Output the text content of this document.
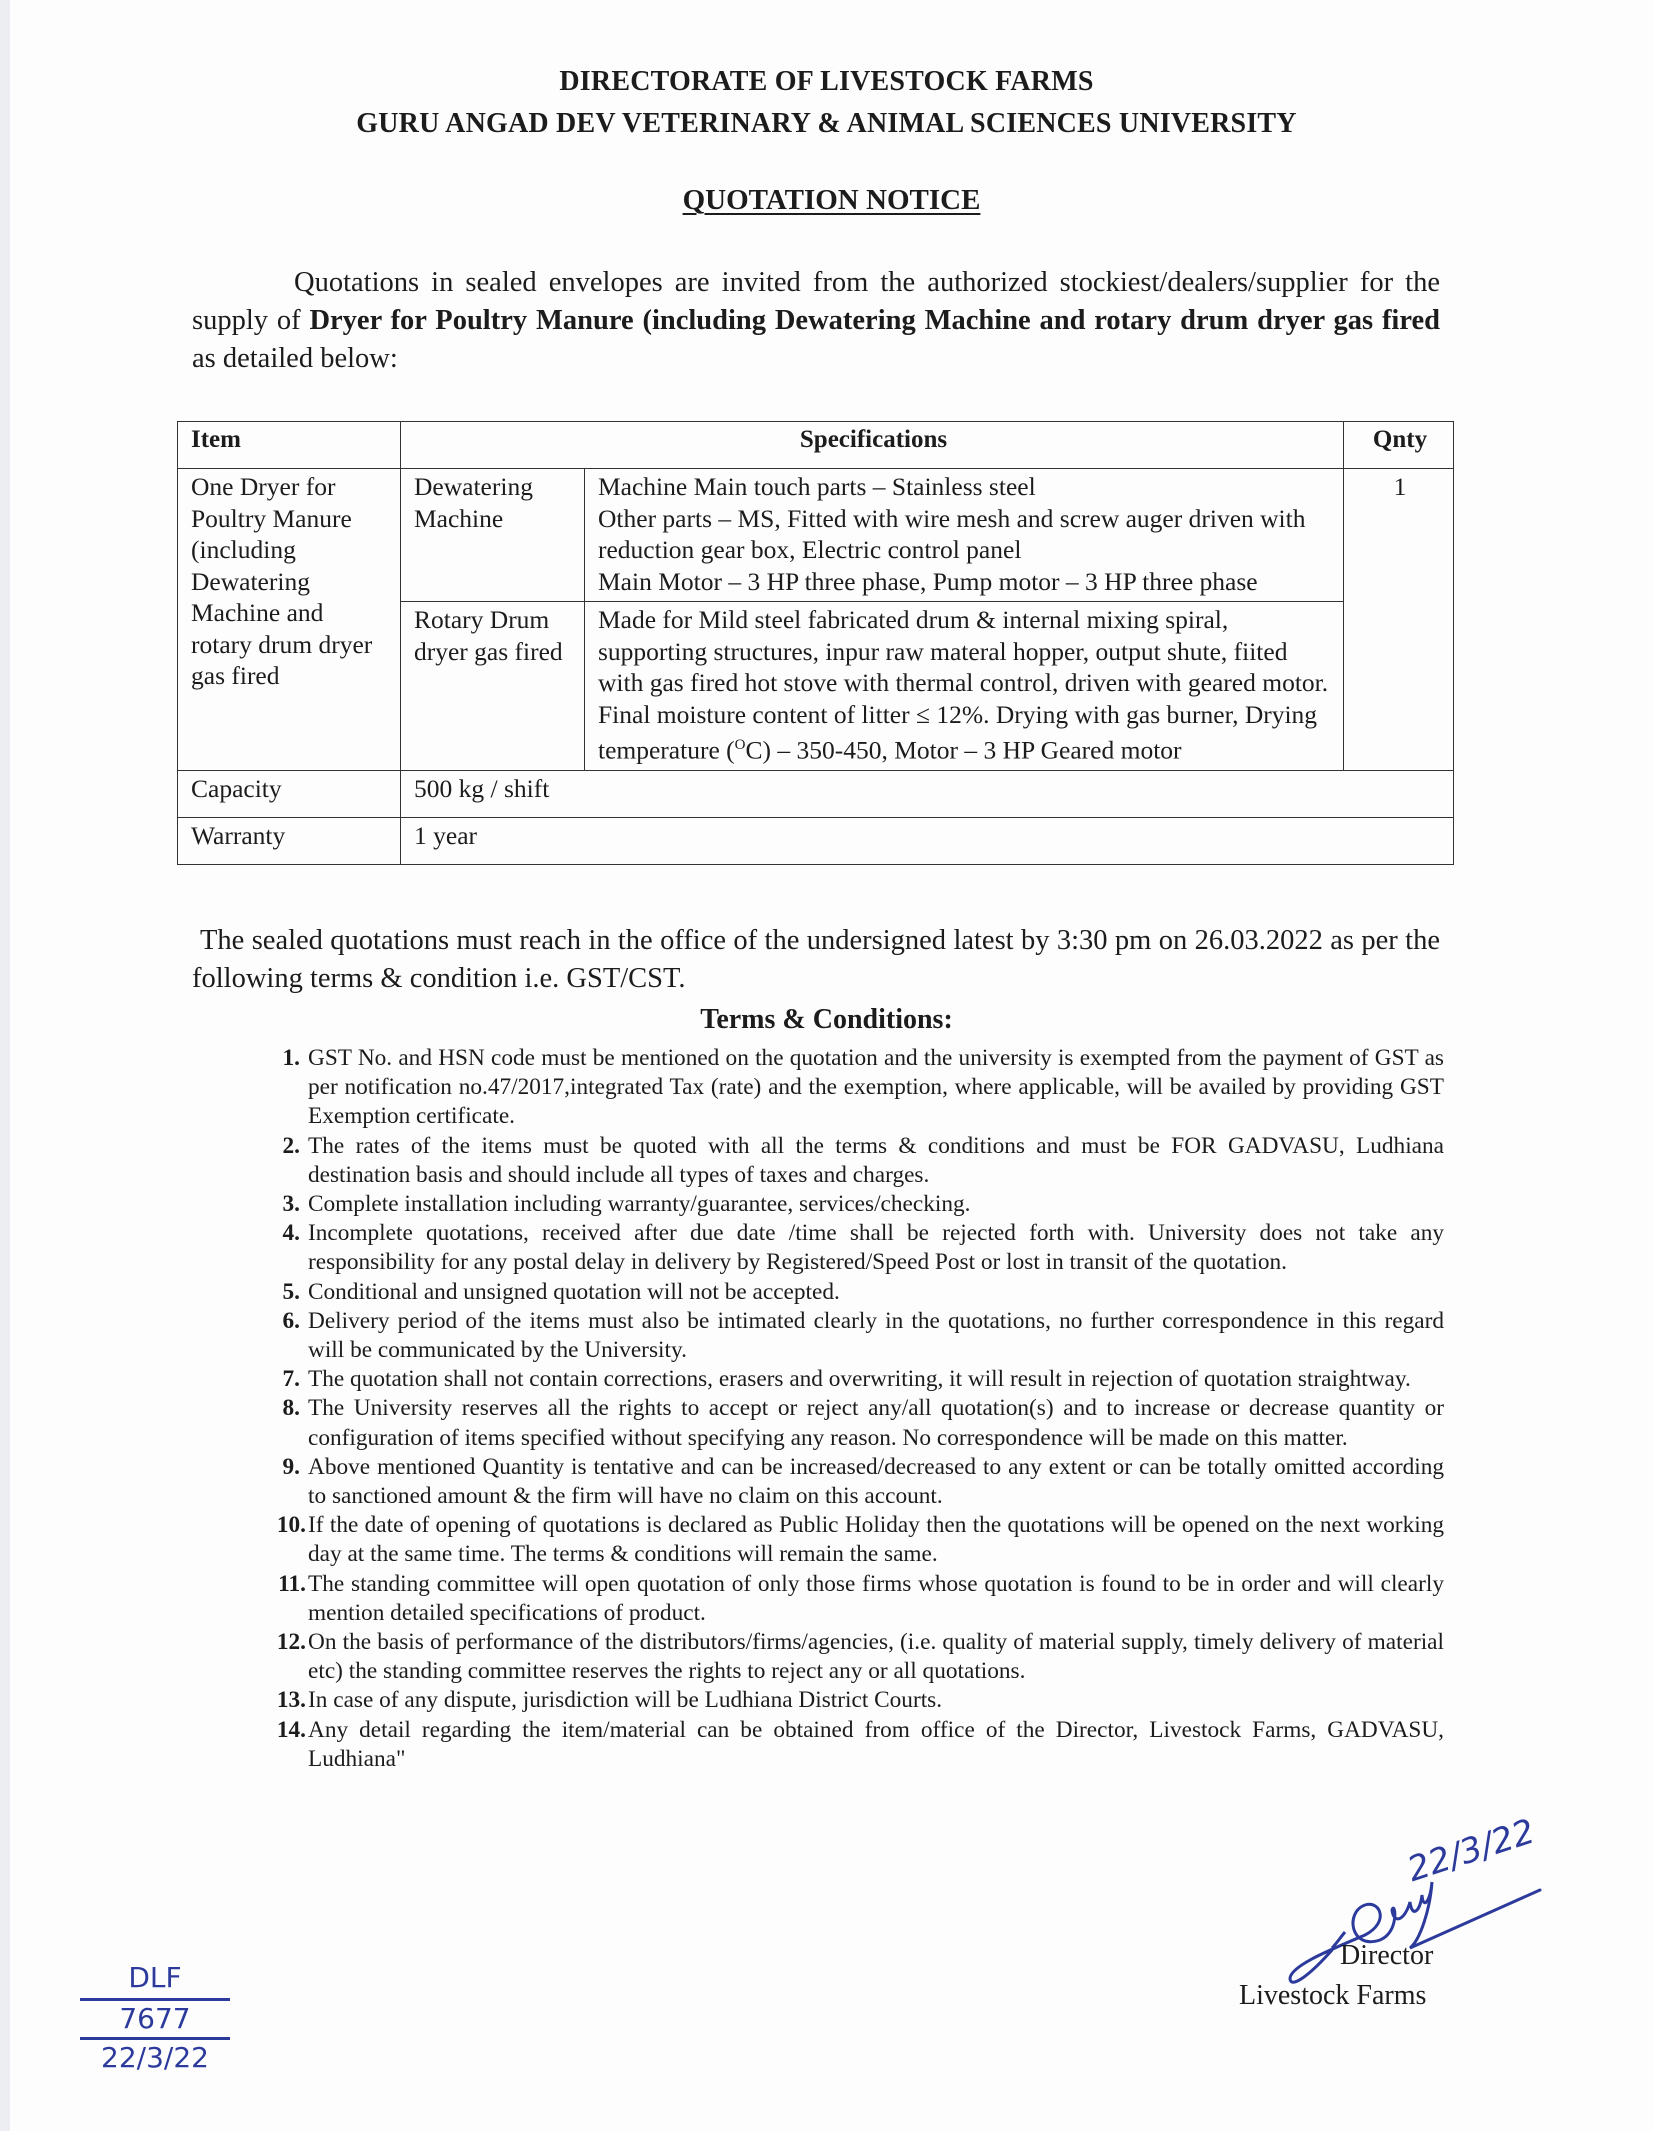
DIRECTORATE OF LIVESTOCK FARMS
GURU ANGAD DEV VETERINARY & ANIMAL SCIENCES UNIVERSITY
QUOTATION NOTICE
Quotations in sealed envelopes are invited from the authorized stockiest/dealers/supplier for the supply of Dryer for Poultry Manure (including Dewatering Machine and rotary drum dryer gas fired as detailed below:
Item	Specifications		Qnty
One Dryer for Poultry Manure (including Dewatering Machine and rotary drum dryer gas fired	Dewatering Machine	Machine Main touch parts – Stainless steel
Other parts – MS, Fitted with wire mesh and screw auger driven with reduction gear box, Electric control panel
Main Motor – 3 HP three phase, Pump motor – 3 HP three phase	1
	Rotary Drum dryer gas fired	Made for Mild steel fabricated drum & internal mixing spiral, supporting structures, inpur raw materal hopper, output shute, fiited with gas fired hot stove with thermal control, driven with geared motor. Final moisture content of litter ≤ 12%. Drying with gas burner, Drying temperature ($^O$C) – 350-450, Motor – 3 HP Geared motor	
Capacity	500 kg / shift		
Warranty	1 year		
The sealed quotations must reach in the office of the undersigned latest by 3:30 pm on 26.03.2022 as per the following terms & condition i.e. GST/CST.
Terms & Conditions:
1. GST No. and HSN code must be mentioned on the quotation and the university is exempted from the payment of GST as per notification no.47/2017,integrated Tax (rate) and the exemption, where applicable, will be availed by providing GST Exemption certificate.
2. The rates of the items must be quoted with all the terms & conditions and must be FOR GADVASU, Ludhiana destination basis and should include all types of taxes and charges.
3. Complete installation including warranty/guarantee, services/checking.
4. Incomplete quotations, received after due date /time shall be rejected forth with. University does not take any responsibility for any postal delay in delivery by Registered/Speed Post or lost in transit of the quotation.
5. Conditional and unsigned quotation will not be accepted.
6. Delivery period of the items must also be intimated clearly in the quotations, no further correspondence in this regard will be communicated by the University.
7. The quotation shall not contain corrections, erasers and overwriting, it will result in rejection of quotation straightway.
8. The University reserves all the rights to accept or reject any/all quotation(s) and to increase or decrease quantity or configuration of items specified without specifying any reason. No correspondence will be made on this matter.
9. Above mentioned Quantity is tentative and can be increased/decreased to any extent or can be totally omitted according to sanctioned amount & the firm will have no claim on this account.
10. If the date of opening of quotations is declared as Public Holiday then the quotations will be opened on the next working day at the same time. The terms & conditions will remain the same.
11. The standing committee will open quotation of only those firms whose quotation is found to be in order and will clearly mention detailed specifications of product.
12. On the basis of performance of the distributors/firms/agencies, (i.e. quality of material supply, timely delivery of material etc) the standing committee reserves the rights to reject any or all quotations.
13. In case of any dispute, jurisdiction will be Ludhiana District Courts.
14. Any detail regarding the item/material can be obtained from office of the Director, Livestock Farms, GADVASU, Ludhiana"
22/3/22
Director
Livestock Farms
DLF
7677
22/3/22
